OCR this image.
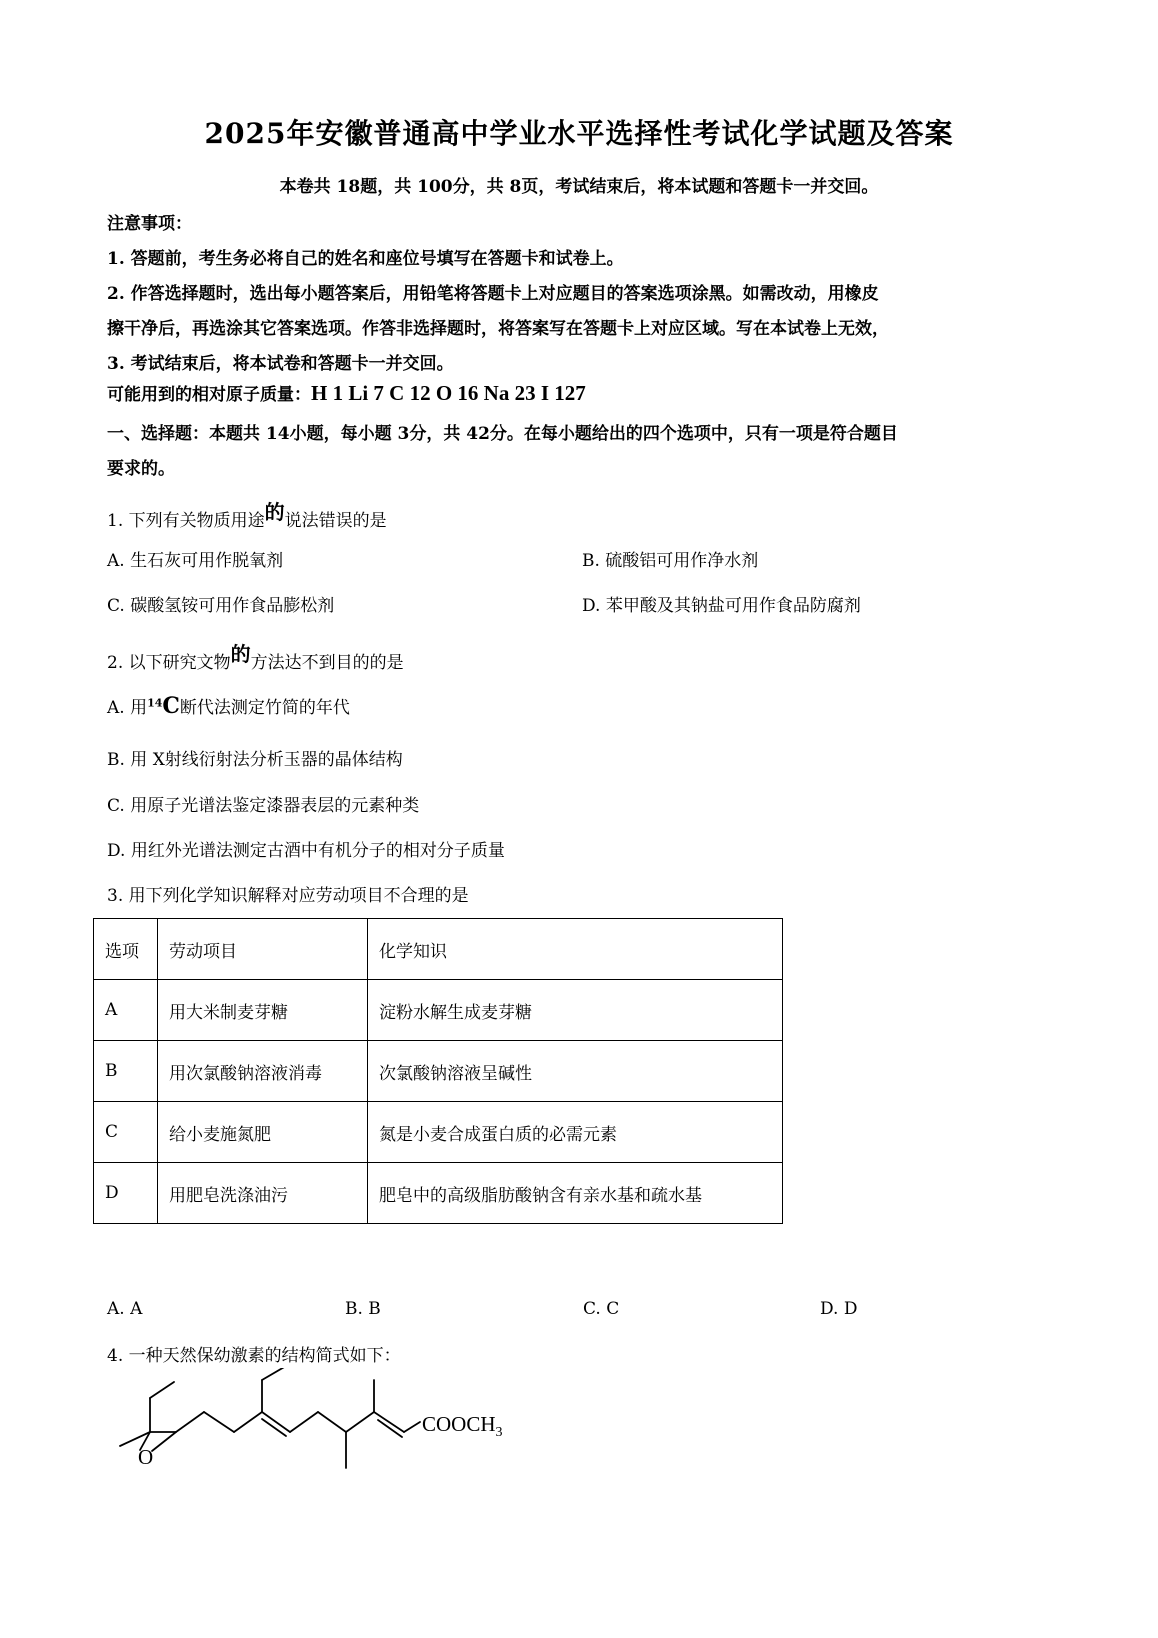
2025年安徽普通高中学业水平选择性考试化学试题及答案
本卷共 18题，共 100分，共 8页，考试结束后，将本试题和答题卡一并交回。
注意事项：
1. 答题前，考生务必将自己的姓名和座位号填写在答题卡和试卷上。
2. 作答选择题时，选出每小题答案后，用铅笔将答题卡上对应题目的答案选项涂黑。如需改动，用橡皮
擦干净后，再选涂其它答案选项。作答非选择题时，将答案写在答题卡上对应区域。写在本试卷上无效，
3. 考试结束后，将本试卷和答题卡一并交回。
可能用到的相对原子质量：H 1 Li 7 C 12 O 16 Na 23 I 127
一、选择题：本题共 14小题，每小题 3分，共 42分。在每小题给出的四个选项中，只有一项是符合题目
要求的。
1. 下列有关物质用途的说法错误的是
A. 生石灰可用作脱氧剂	B. 硫酸铝可用作净水剂
C. 碳酸氢铵可用作食品膨松剂	D. 苯甲酸及其钠盐可用作食品防腐剂
2. 以下研究文物的方法达不到目的的是
A. 用$^{14}$C断代法测定竹简的年代
B. 用 X射线衍射法分析玉器的晶体结构
C. 用原子光谱法鉴定漆器表层的元素种类
D. 用红外光谱法测定古酒中有机分子的相对分子质量
3. 用下列化学知识解释对应劳动项目不合理的是
选项	劳动项目	化学知识
A	用大米制麦芽糖	淀粉水解生成麦芽糖
B	用次氯酸钠溶液消毒	次氯酸钠溶液呈碱性
C	给小麦施氮肥	氮是小麦合成蛋白质的必需元素
D	用肥皂洗涤油污	肥皂中的高级脂肪酸钠含有亲水基和疏水基
A. A	B. B	C. C	D. D
4. 一种天然保幼激素的结构简式如下：
O
$COOCH_3$
